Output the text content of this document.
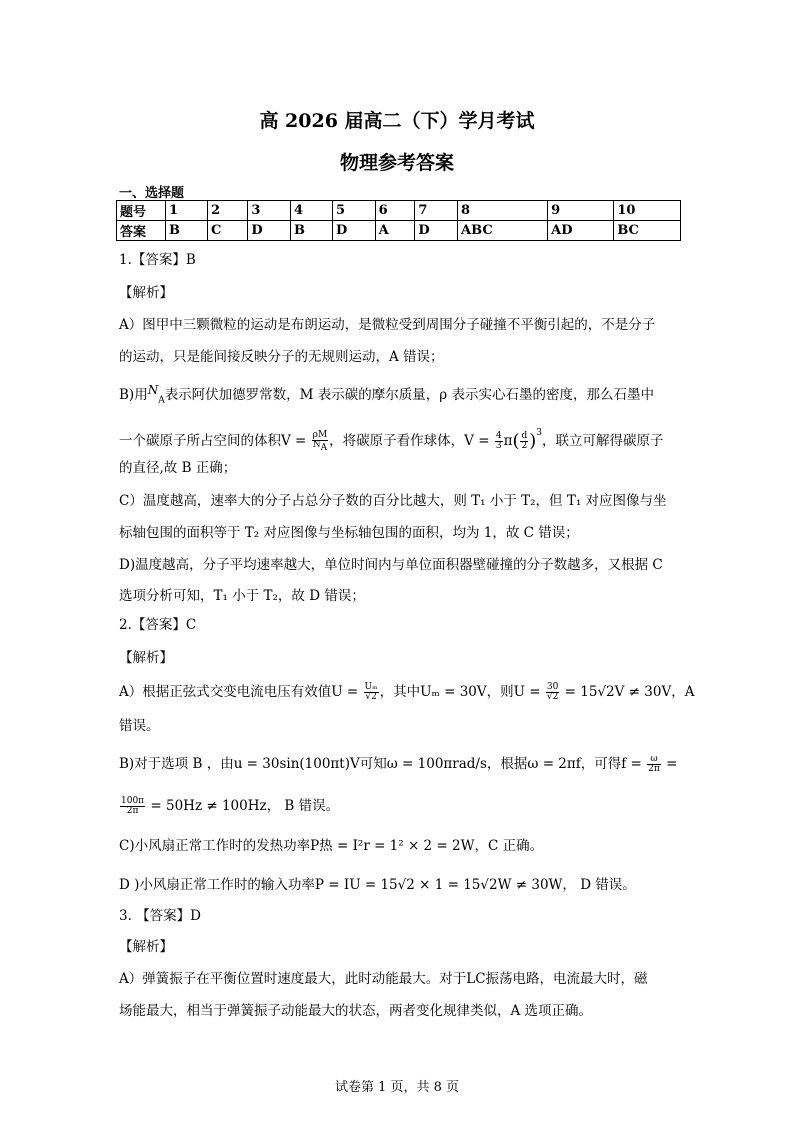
高 2026 届高二（下）学月考试
物理参考答案
一、选择题
题号	1	2	3	4	5	6	7	8	9	10
答案	B	C	D	B	D	A	D	ABC	AD	BC
1.【答案】B
【解析】
A）图甲中三颗微粒的运动是布朗运动，是微粒受到周围分子碰撞不平衡引起的，不是分子
的运动，只是能间接反映分子的无规则运动，A 错误；
B)用$N_A$表示阿伏加德罗常数，M 表示碳的摩尔质量，ρ 表示实心石墨的密度，那么石墨中
一个碳原子所占空间的体积$V = \frac{\rho M}{N_A}$ ，将碳原子看作球体，$V = \frac{4}{3} \pi( \frac{d}{2} )^3$，联立可解得碳原子
的直径,故 B 正确；
C）温度越高，速率大的分子占总分子数的百分比越大，则 T₁ 小于 T₂，但 T₁ 对应图像与坐
标轴包围的面积等于 T₂ 对应图像与坐标轴包围的面积，均为 1，故 C 错误；
D)温度越高，分子平均速率越大，单位时间内与单位面积器壁碰撞的分子数越多，又根据 C
选项分析可知，T₁ 小于 T₂，故 D 错误；
2.【答案】C
【解析】
A）根据正弦式交变电流电压有效值$U = \frac{\text{Uₘ}}{√2}$ ，其中Uₘ = 30V，则$U = \frac{30}{√2} = 15√2V \ne 30V$，A
错误。
B)对于选项 B ，由u = 30sin(100πt)V可知ω = 100πrad/s，根据ω = 2πf，可得$f = \frac{\omega}{2\pi}$ =
$\frac{100\pi}{2\pi} = 50Hz \ne 100Hz$， B 错误。
C)小风扇正常工作时的发热功率P热 = I²r = 1² × 2 = 2W，C 正确。
D )小风扇正常工作时的输入功率P = IU = 15√2 × 1 = 15√2W ≠ 30W， D 错误。
3. 【答案】D
【解析】
A）弹簧振子在平衡位置时速度最大，此时动能最大。对于LC振荡电路，电流最大时，磁
场能最大，相当于弹簧振子动能最大的状态，两者变化规律类似，A 选项正确。
试卷第 1 页，共 8 页
